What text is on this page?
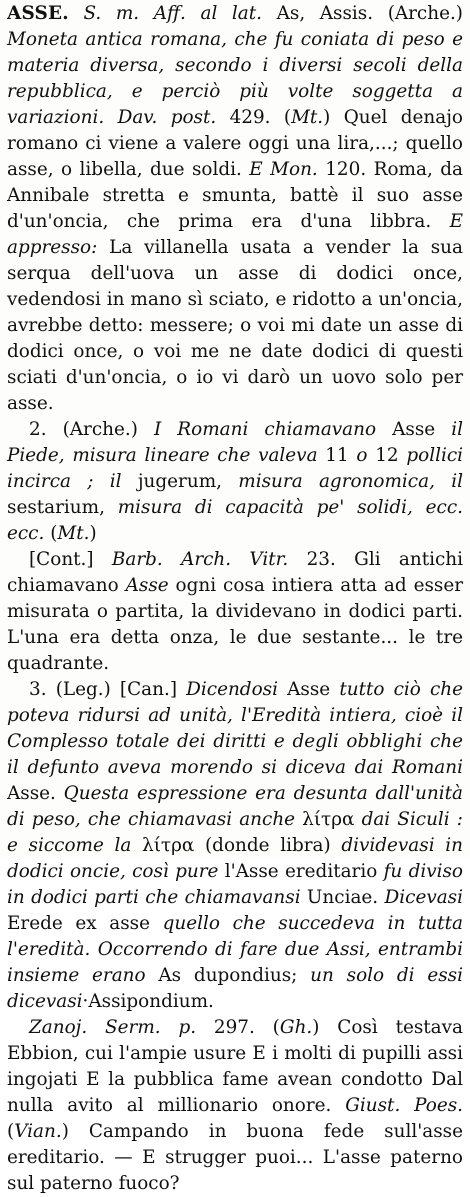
ASSE. S. m. Aff. al lat. As, Assis. (Arche.) Moneta antica romana, che fu coniata di peso e materia diversa, secondo i diversi secoli della repubblica, e perciò più volte soggetta a variazioni. Dav. post. 429. (Mt.) Quel denajo romano ci viene a valere oggi una lira,...; quello asse, o libella, due soldi. E Mon. 120. Roma, da Annibale stretta e smunta, battè il suo asse d'un'oncia, che prima era d'una libbra. E appresso: La villanella usata a vender la sua serqua dell'uova un asse di dodici once, vedendosi in mano sì sciato, e ridotto a un'oncia, avrebbe detto: messere; o voi mi date un asse di dodici once, o voi me ne date dodici di questi sciati d'un'oncia, o io vi darò un uovo solo per asse.

2. (Arche.) I Romani chiamavano Asse il Piede, misura lineare che valeva 11 o 12 pollici incirca ; il jugerum, misura agronomica, il sestarium, misura di capacità pe' solidi, ecc. ecc. (Mt.)

[Cont.] Barb. Arch. Vitr. 23. Gli antichi chiamavano Asse ogni cosa intiera atta ad esser misurata o partita, la dividevano in dodici parti. L'una era detta onza, le due sestante... le tre quadrante.

3. (Leg.) [Can.] Dicendosi Asse tutto ciò che poteva ridursi ad unità, l'Eredità intiera, cioè il Complesso totale dei diritti e degli obblighi che il defunto aveva morendo si diceva dai Romani Asse. Questa espressione era desunta dall'unità di peso, che chiamavasi anche λίτρα dai Siculi : e siccome la λίτρα (donde libra) dividevasi in dodici oncie, così pure l'Asse ereditario fu diviso in dodici parti che chiamavansi Unciae. Dicevasi Erede ex asse quello che succedeva in tutta l'eredità. Occorrendo di fare due Assi, entrambi insieme erano As dupondius; un solo di essi dicevasi·Assipondium.

Zanoj. Serm. p. 297. (Gh.) Così testava Ebbion, cui l'ampie usure E i molti di pupilli assi ingojati E la pubblica fame avean condotto Dal nulla avito al millionario onore. Giust. Poes. (Vian.) Campando in buona fede sull'asse ereditario. — E strugger puoi... L'asse paterno sul paterno fuoco?
